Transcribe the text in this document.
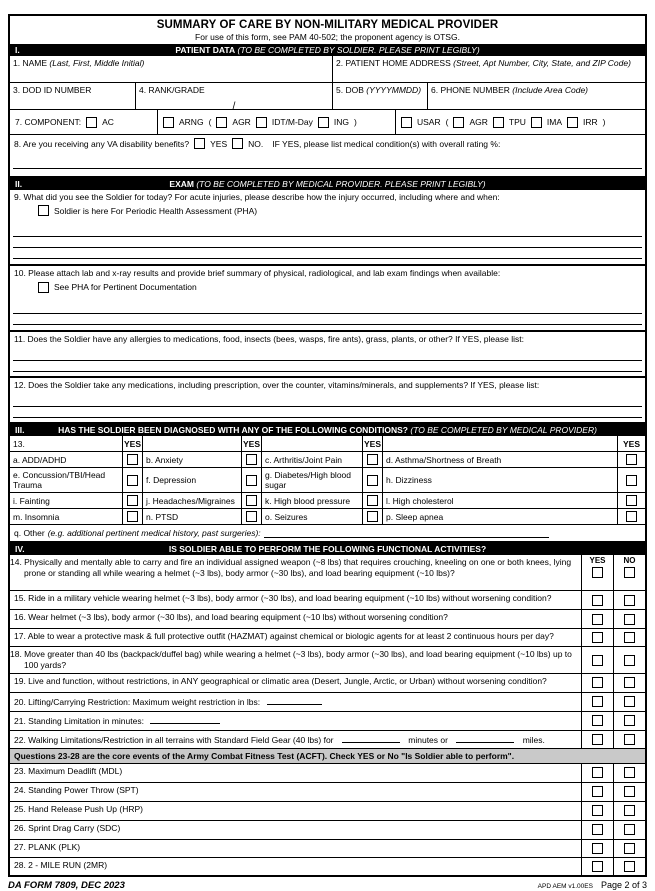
SUMMARY OF CARE BY NON-MILITARY MEDICAL PROVIDER
For use of this form, see PAM 40-502; the proponent agency is OTSG.
I.	PATIENT DATA (TO BE COMPLETED BY SOLDIER. PLEASE PRINT LEGIBLY)
1. NAME (Last, First, Middle Initial)	2. PATIENT HOME ADDRESS (Street, Apt Number, City, State, and ZIP Code)
3. DOD ID NUMBER	4. RANK/GRADE
/
5. DOB (YYYYMMDD)	6. PHONE NUMBER (Include Area Code)
7. COMPONENT: AC	ARNG ( AGR IDT/M-Day ING )	USAR ( AGR TPU IMA IRR )
8. Are you receiving any VA disability benefits? YES NO. IF YES, please list medical condition(s) with overall rating %:
II.	EXAM (TO BE COMPLETED BY MEDICAL PROVIDER. PLEASE PRINT LEGIBLY)
9. What did you see the Soldier for today? For acute injuries, please describe how the injury occurred, including where and when:
Soldier is here For Periodic Health Assessment (PHA)
10. Please attach lab and x-ray results and provide brief summary of physical, radiological, and lab exam findings when available:
See PHA for Pertinent Documentation
11. Does the Soldier have any allergies to medications, food, insects (bees, wasps, fire ants), grass, plants, or other? If YES, please list:
12. Does the Soldier take any medications, including prescription, over the counter, vitamins/minerals, and supplements? If YES, please list:
III.	HAS THE SOLDIER BEEN DIAGNOSED WITH ANY OF THE FOLLOWING CONDITIONS? (TO BE COMPLETED BY MEDICAL PROVIDER)
13.	YES	YES	YES	YES
a. ADD/ADHD	b. Anxiety	c. Arthritis/Joint Pain	d. Asthma/Shortness of Breath
e. Concussion/TBI/Head Trauma	f. Depression	g. Diabetes/High blood sugar	h. Dizziness
i. Fainting	j. Headaches/Migraines	k. High blood pressure	l. High cholesterol
m. Insomnia	n. PTSD	o. Seizures	p. Sleep apnea
q. Other (e.g. additional pertinent medical history, past surgeries):
IV.	IS SOLDIER ABLE TO PERFORM THE FOLLOWING FUNCTIONAL ACTIVITIES?
14. Physically and mentally able to carry and fire an individual assigned weapon (~8 lbs) that requires crouching, kneeling on one or both knees, lying prone or standing all while wearing a helmet (~3 lbs), body armor (~30 lbs), and load bearing equipment (~10 lbs)?
YES NO
15. Ride in a military vehicle wearing helmet (~3 lbs), body armor (~30 lbs), and load bearing equipment (~10 lbs) without worsening condition?
16. Wear helmet (~3 lbs), body armor (~30 lbs), and load bearing equipment (~10 lbs) without worsening condition?
17. Able to wear a protective mask & full protective outfit (HAZMAT) against chemical or biologic agents for at least 2 continuous hours per day?
18. Move greater than 40 lbs (backpack/duffel bag) while wearing a helmet (~3 lbs), body armor (~30 lbs), and load bearing equipment (~10 lbs) up to 100 yards?
19. Live and function, without restrictions, in ANY geographical or climatic area (Desert, Jungle, Arctic, or Urban) without worsening condition?
20. Lifting/Carrying Restriction: Maximum weight restriction in lbs:
21. Standing Limitation in minutes:
22. Walking Limitations/Restriction in all terrains with Standard Field Gear (40 lbs) for	minutes or	miles.
Questions 23-28 are the core events of the Army Combat Fitness Test (ACFT). Check YES or No "Is Soldier able to perform".
23. Maximum Deadlift (MDL)
24. Standing Power Throw (SPT)
25. Hand Release Push Up (HRP)
26. Sprint Drag Carry (SDC)
27. PLANK (PLK)
28. 2 - MILE RUN (2MR)
DA FORM 7809, DEC 2023	APD AEM v1.00ES Page 2 of 3
